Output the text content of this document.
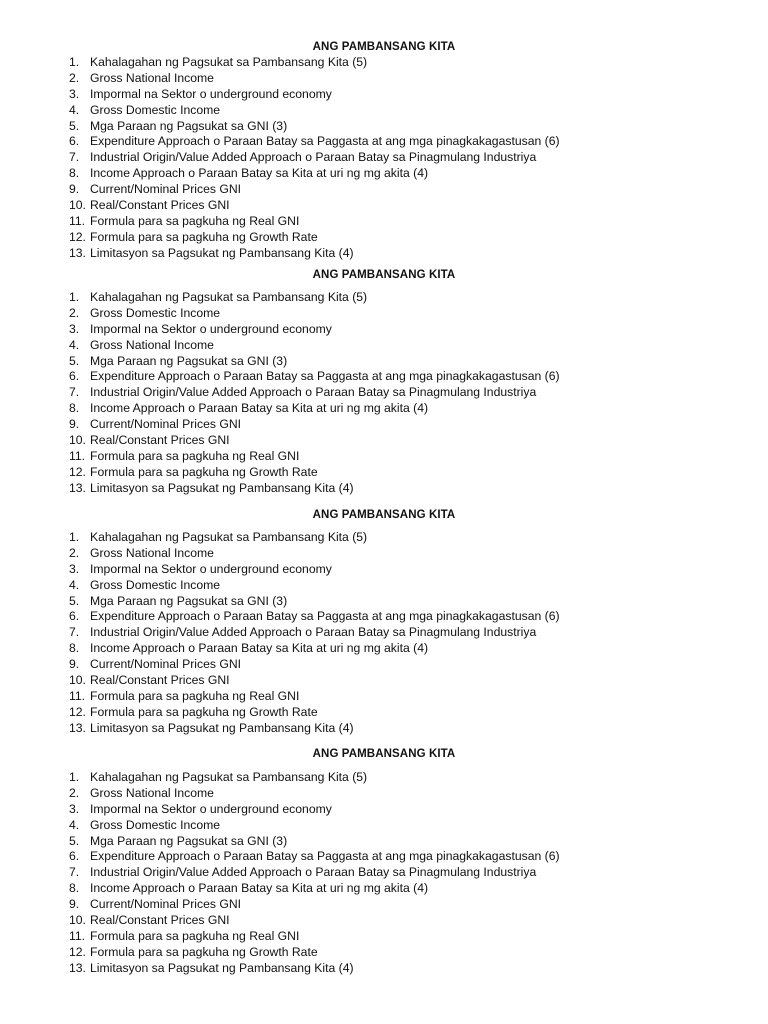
ANG PAMBANSANG KITA
1. Kahalagahan ng Pagsukat sa Pambansang Kita (5)
2. Gross National Income
3. Impormal na Sektor o underground economy
4. Gross Domestic Income
5. Mga Paraan ng Pagsukat sa GNI (3)
6. Expenditure Approach o Paraan Batay sa Paggasta at ang mga pinagkakagastusan (6)
7. Industrial Origin/Value Added Approach o Paraan Batay sa Pinagmulang Industriya
8. Income Approach o Paraan Batay sa Kita at uri ng mg akita (4)
9. Current/Nominal Prices GNI
10. Real/Constant Prices GNI
11. Formula para sa pagkuha ng Real GNI
12. Formula para sa pagkuha ng Growth Rate
13. Limitasyon sa Pagsukat ng Pambansang Kita (4)
ANG PAMBANSANG KITA
1. Kahalagahan ng Pagsukat sa Pambansang Kita (5)
2. Gross Domestic Income
3. Impormal na Sektor o underground economy
4. Gross National Income
5. Mga Paraan ng Pagsukat sa GNI (3)
6. Expenditure Approach o Paraan Batay sa Paggasta at ang mga pinagkakagastusan (6)
7. Industrial Origin/Value Added Approach o Paraan Batay sa Pinagmulang Industriya
8. Income Approach o Paraan Batay sa Kita at uri ng mg akita (4)
9. Current/Nominal Prices GNI
10. Real/Constant Prices GNI
11. Formula para sa pagkuha ng Real GNI
12. Formula para sa pagkuha ng Growth Rate
13. Limitasyon sa Pagsukat ng Pambansang Kita (4)
ANG PAMBANSANG KITA
1. Kahalagahan ng Pagsukat sa Pambansang Kita (5)
2. Gross National Income
3. Impormal na Sektor o underground economy
4. Gross Domestic Income
5. Mga Paraan ng Pagsukat sa GNI (3)
6. Expenditure Approach o Paraan Batay sa Paggasta at ang mga pinagkakagastusan (6)
7. Industrial Origin/Value Added Approach o Paraan Batay sa Pinagmulang Industriya
8. Income Approach o Paraan Batay sa Kita at uri ng mg akita (4)
9. Current/Nominal Prices GNI
10. Real/Constant Prices GNI
11. Formula para sa pagkuha ng Real GNI
12. Formula para sa pagkuha ng Growth Rate
13. Limitasyon sa Pagsukat ng Pambansang Kita (4)
ANG PAMBANSANG KITA
1. Kahalagahan ng Pagsukat sa Pambansang Kita (5)
2. Gross National Income
3. Impormal na Sektor o underground economy
4. Gross Domestic Income
5. Mga Paraan ng Pagsukat sa GNI (3)
6. Expenditure Approach o Paraan Batay sa Paggasta at ang mga pinagkakagastusan (6)
7. Industrial Origin/Value Added Approach o Paraan Batay sa Pinagmulang Industriya
8. Income Approach o Paraan Batay sa Kita at uri ng mg akita (4)
9. Current/Nominal Prices GNI
10. Real/Constant Prices GNI
11. Formula para sa pagkuha ng Real GNI
12. Formula para sa pagkuha ng Growth Rate
13. Limitasyon sa Pagsukat ng Pambansang Kita (4)
